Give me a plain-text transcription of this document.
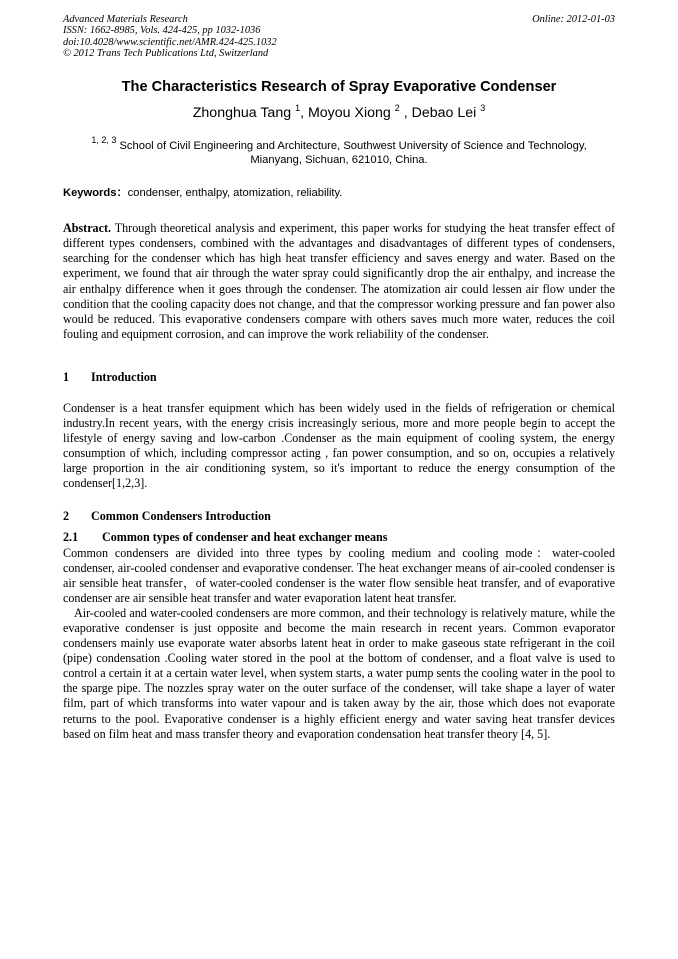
Advanced Materials Research
ISSN: 1662-8985, Vols. 424-425, pp 1032-1036
doi:10.4028/www.scientific.net/AMR.424-425.1032
© 2012 Trans Tech Publications Ltd, Switzerland
Online: 2012-01-03
The Characteristics Research of Spray Evaporative Condenser
Zhonghua Tang $^1$, Moyou Xiong $^2$ , Debao Lei $^3$
$^{1, 2, 3}$ School of Civil Engineering and Architecture, Southwest University of Science and Technology,
Mianyang, Sichuan, 621010, China.
Keywords：condenser, enthalpy, atomization, reliability.

Abstract. Through theoretical analysis and experiment, this paper works for studying the heat transfer effect of different types condensers, combined with the advantages and disadvantages of different types of condensers, searching for the condenser which has high heat transfer efficiency and saves energy and water. Based on the experiment, we found that air through the water spray could significantly drop the air enthalpy, and increase the air enthalpy difference when it goes through the condenser. The atomization air could lessen air flow under the condition that the cooling capacity does not change, and that the compressor working pressure and fan power also would be reduced. This evaporative condensers compare with others saves much more water, reduces the coil fouling and equipment corrosion, and can improve the work reliability of the condenser.

1 Introduction

Condenser is a heat transfer equipment which has been widely used in the fields of refrigeration or chemical industry.In recent years, with the energy crisis increasingly serious, more and more people begin to accept the lifestyle of energy saving and low-carbon .Condenser as the main equipment of cooling system, the energy consumption of which, including compressor acting , fan power consumption, and so on, occupies a relatively large proportion in the air conditioning system, so it's important to reduce the energy consumption of the condenser[1,2,3].

2 Common Condensers Introduction
2.1 Common types of condenser and heat exchanger means

Common condensers are divided into three types by cooling medium and cooling mode：water-cooled condenser, air-cooled condenser and evaporative condenser. The heat exchanger means of air-cooled condenser is air sensible heat transfer，of water-cooled condenser is the water flow sensible heat transfer, and of evaporative condenser are air sensible heat transfer and water evaporation latent heat transfer.

Air-cooled and water-cooled condensers are more common, and their technology is relatively mature, while the evaporative condenser is just opposite and become the main research in recent years. Common evaporator condensers mainly use evaporate water absorbs latent heat in order to make gaseous state refrigerant in the coil (pipe) condensation .Cooling water stored in the pool at the bottom of condenser, and a float valve is used to control a certain it at a certain water level, when system starts, a water pump sents the cooling water in the pool to the sparge pipe. The nozzles spray water on the outer surface of the condenser, will take shape a layer of water film, part of which transforms into water vapour and is taken away by the air, those which does not evaporate returns to the pool. Evaporative condenser is a highly efficient energy and water saving heat transfer devices based on film heat and mass transfer theory and evaporation condensation heat transfer theory [4, 5].
